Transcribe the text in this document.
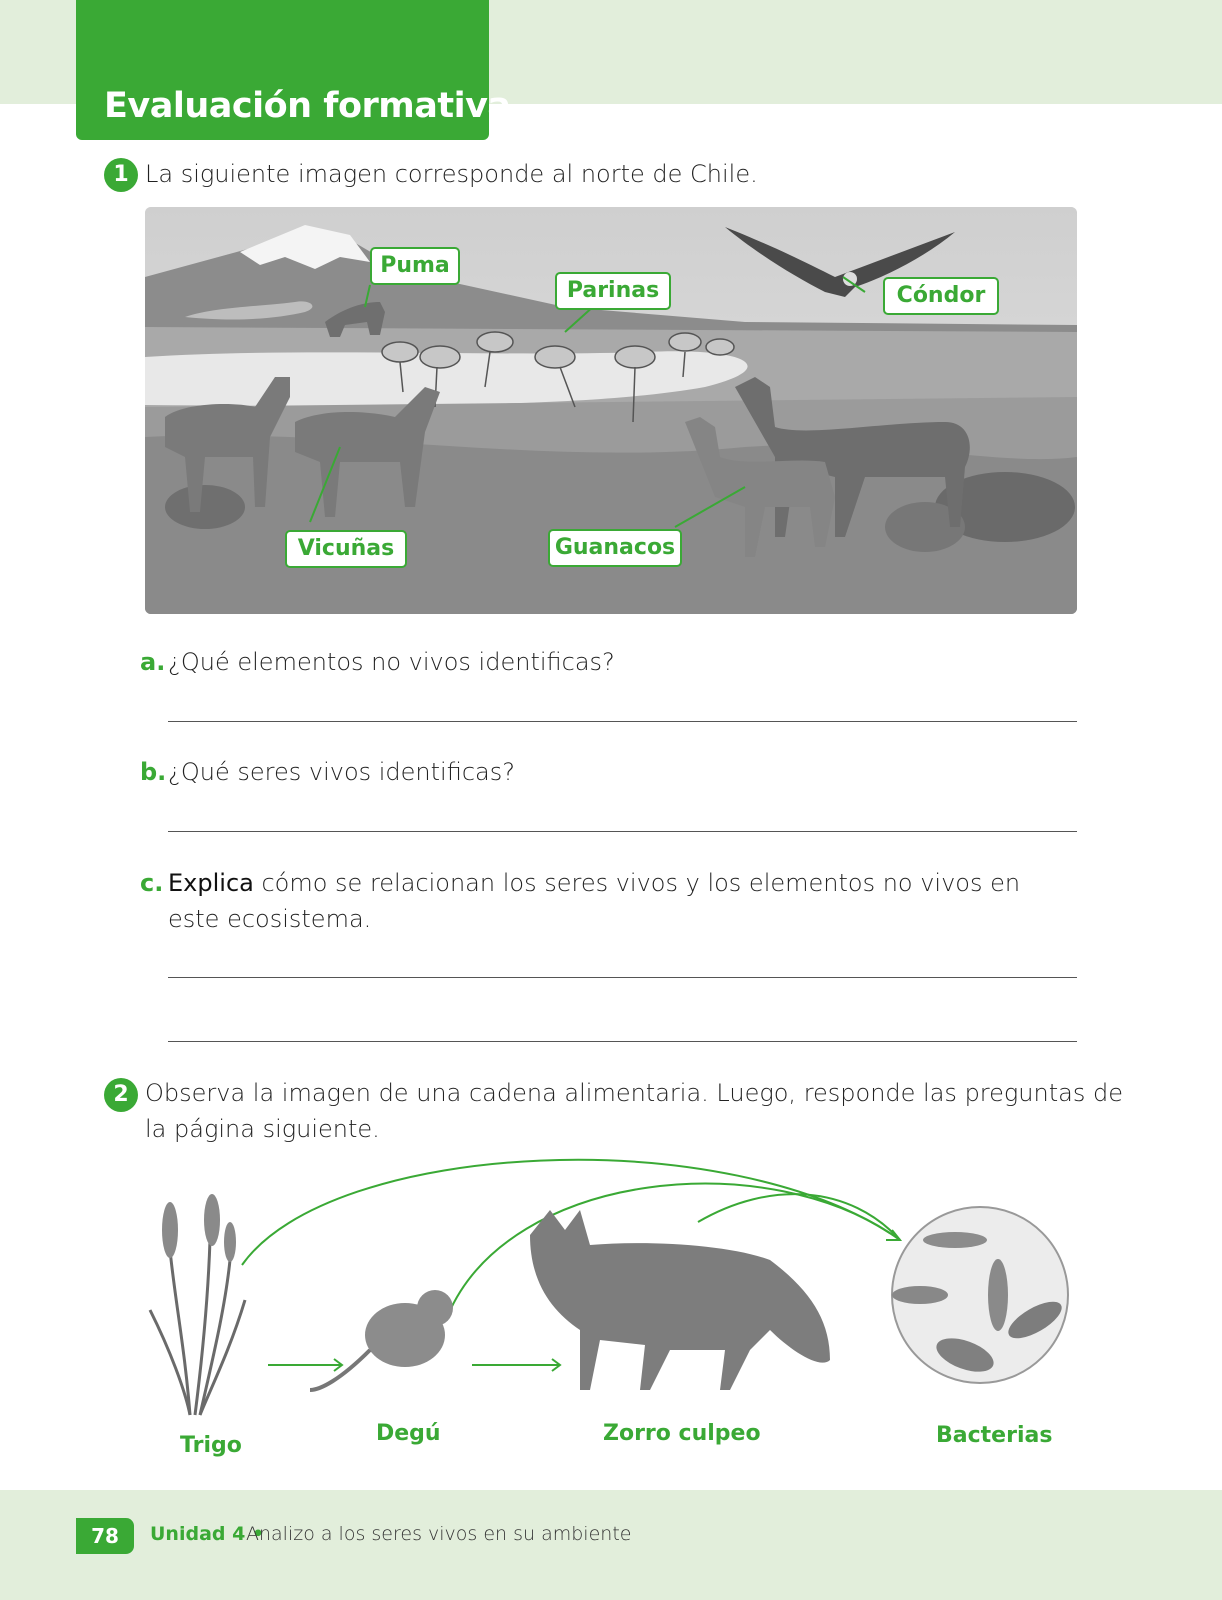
Evaluación formativa
1 La siguiente imagen corresponde al norte de Chile.
Puma
Parinas	Cóndor
Vicuñas	Guanacos
a. ¿Qué elementos no vivos identificas?
b. ¿Qué seres vivos identificas?
c. Explica cómo se relacionan los seres vivos y los elementos no vivos en
este ecosistema.
2 Observa la imagen de una cadena alimentaria. Luego, responde las preguntas de
la página siguiente.
Trigo	Degú	Zorro culpeo	Bacterias
78	Unidad 4 •
Analizo a los seres vivos en su ambiente
